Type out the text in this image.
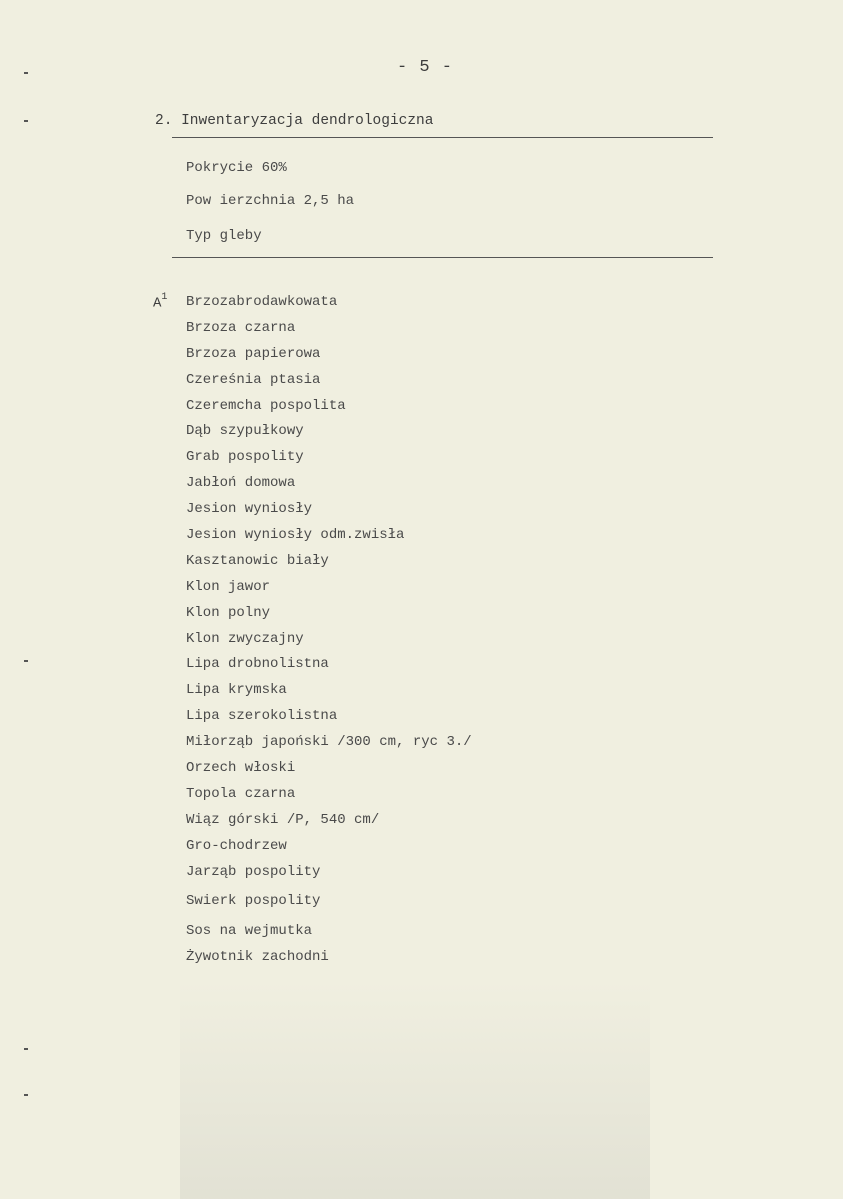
- 5 -
2. Inwentaryzacja dendrologiczna
Pokrycie 60%
Pow ierzchnia 2,5 ha
Typ gleby
$A^1$ Brzozabrodawkowata
Brzoza czarna
Brzoza papierowa
Czereśnia ptasia
Czeremcha pospolita
Dąb szypułkowy
Grab pospolity
Jabłoń domowa
Jesion wyniosły
Jesion wyniosły odm.zwisła
Kasztanowic biały
Klon jawor
Klon polny
Klon zwyczajny
Lipa drobnolistna
Lipa krymska
Lipa szerokolistna
Miłorząb japoński /300 cm, ryc 3./
Orzech włoski
Topola czarna
Wiąz górski /P, 540 cm/
Gro-chodrzew
Jarząb pospolity
Swierk pospolity
Sos na wejmutka
Żywotnik zachodni
